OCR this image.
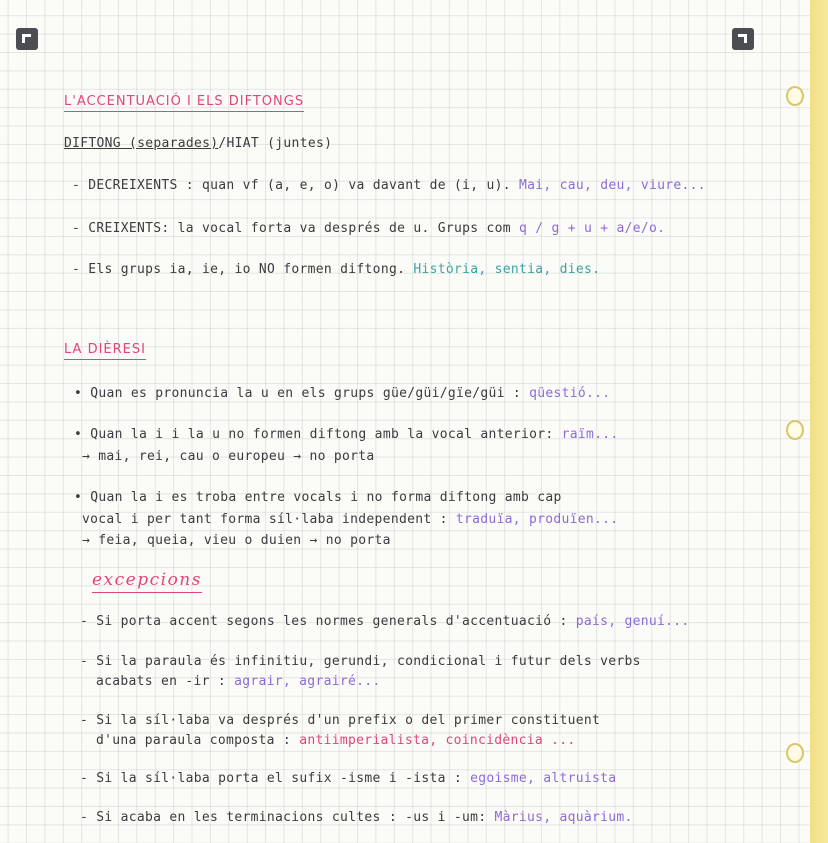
L'ACCENTUACIÓ I ELS DIFTONGS
DIFTONG (separades)/HIAT (juntes)
- DECREIXENTS : quan vf (a, e, o) va davant de (i, u). Mai, cau, deu, viure...
- CREIXENTS: la vocal forta va després de u. Grups com q / g + u + a/e/o.
- Els grups ia, ie, io NO formen diftong. Història, sentia, dies.
LA DIÈRESI
• Quan es pronuncia la u en els grups güe/güi/gïe/güi : qüestió...
• Quan la i i la u no formen diftong amb la vocal anterior: raïm...
→ mai, rei, cau o europeu → no porta
• Quan la i es troba entre vocals i no forma diftong amb cap
vocal i per tant forma síl·laba independent : traduïa, produïen...
→ feia, queia, vieu o duien → no porta
excepcions
- Si porta accent segons les normes generals d'accentuació : país, genuí...
- Si la paraula és infinitiu, gerundi, condicional i futur dels verbs
acabats en -ir : agrair, agrairé...
- Si la síl·laba va després d'un prefix o del primer constituent
d'una paraula composta : antiimperialista, coincidència ...
- Si la síl·laba porta el sufix -isme i -ista : egoisme, altruista
- Si acaba en les terminacions cultes : -us i -um: Màrius, aquàrium.
